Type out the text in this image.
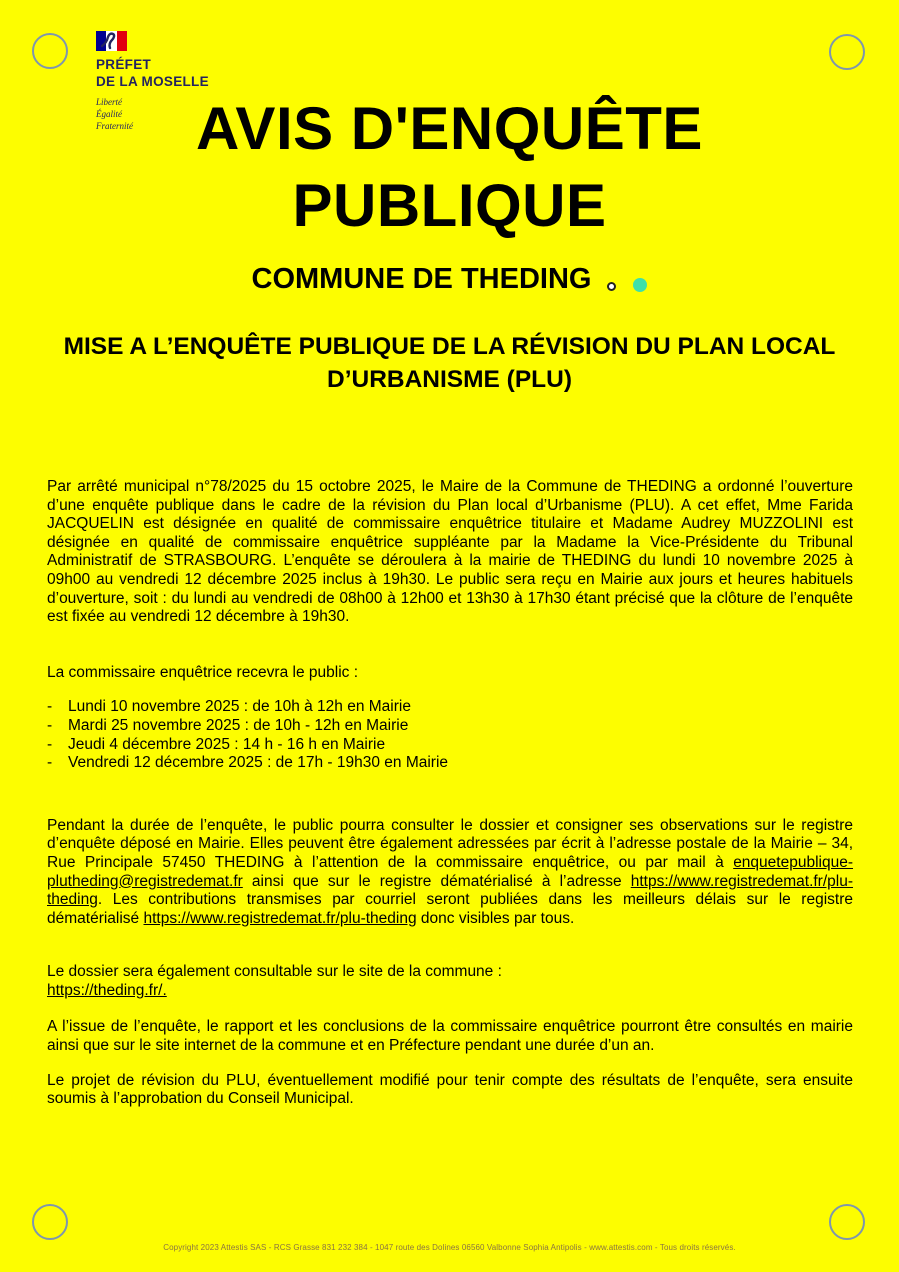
PRÉFET
DE LA MOSELLE
Liberté
Égalité
Fraternité	AVIS D'ENQUÊTE PUBLIQUE
COMMUNE DE THEDING
MISE A L’ENQUÊTE PUBLIQUE DE LA RÉVISION DU PLAN LOCAL D’URBANISME (PLU)

Par arrêté municipal n°78/2025 du 15 octobre 2025, le Maire de la Commune de THEDING a ordonné l’ouverture d’une enquête publique dans le cadre de la révision du Plan local d’Urbanisme (PLU). A cet effet, Mme Farida JACQUELIN est désignée en qualité de commissaire enquêtrice titulaire et Madame Audrey MUZZOLINI est désignée en qualité de commissaire enquêtrice suppléante par la Madame la Vice-Présidente du Tribunal Administratif de STRASBOURG. L’enquête se déroulera à la mairie de THEDING du lundi 10 novembre 2025 à 09h00 au vendredi 12 décembre 2025 inclus à 19h30. Le public sera reçu en Mairie aux jours et heures habituels d’ouverture, soit : du lundi au vendredi de 08h00 à 12h00 et 13h30 à 17h30 étant précisé que la clôture de l’enquête est fixée au vendredi 12 décembre à 19h30.

La commissaire enquêtrice recevra le public :

-	Lundi 10 novembre 2025 : de 10h à 12h en Mairie
-	Mardi 25 novembre 2025 : de 10h - 12h en Mairie
-	Jeudi 4 décembre 2025 : 14 h - 16 h en Mairie
-	Vendredi 12 décembre 2025 : de 17h - 19h30 en Mairie

Pendant la durée de l’enquête, le public pourra consulter le dossier et consigner ses observations sur le registre d’enquête déposé en Mairie. Elles peuvent être également adressées par écrit à l’adresse postale de la Mairie – 34, Rue Principale 57450 THEDING à l’attention de la commissaire enquêtrice, ou par mail à enquetepublique-plutheding@registredemat.fr ainsi que sur le registre dématérialisé à l’adresse https://www.registredemat.fr/plu-theding. Les contributions transmises par courriel seront publiées dans les meilleurs délais sur le registre dématérialisé https://www.registredemat.fr/plu-theding donc visibles par tous.

Le dossier sera également consultable sur le site de la commune :
https://theding.fr/.

A l’issue de l’enquête, le rapport et les conclusions de la commissaire enquêtrice pourront être consultés en mairie ainsi que sur le site internet de la commune et en Préfecture pendant une durée d’un an.

Le projet de révision du PLU, éventuellement modifié pour tenir compte des résultats de l’enquête, sera ensuite soumis à l’approbation du Conseil Municipal.

Copyright 2023 Attestis SAS - RCS Grasse 831 232 384 - 1047 route des Dolines 06560 Valbonne Sophia Antipolis - www.attestis.com - Tous droits réservés.
